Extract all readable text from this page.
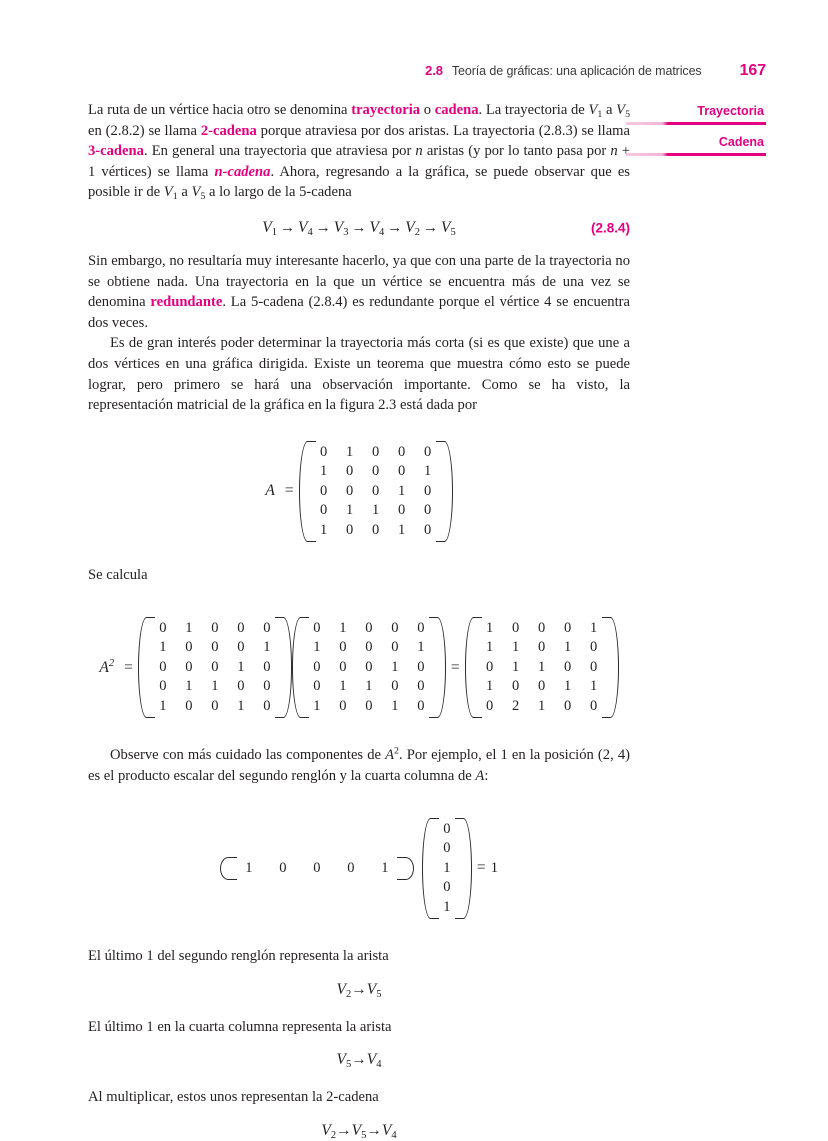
2.8 Teoría de gráficas: una aplicación de matrices 167
Trayectoria
Cadena

La ruta de un vértice hacia otro se denomina trayectoria o cadena. La trayectoria de $V_1$ a $V_5$ en (2.8.2) se llama 2-cadena porque atraviesa por dos aristas. La trayectoria (2.8.3) se llama 3-cadena. En general una trayectoria que atraviesa por n aristas (y por lo tanto pasa por n + 1 vértices) se llama n-cadena. Ahora, regresando a la gráfica, se puede observar que es posible ir de $V_1$ a $V_5$ a lo largo de la 5-cadena

$V_1 \to V_4 \to V_3 \to V_4 \to V_2 \to V_5$	(2.8.4)

Sin embargo, no resultaría muy interesante hacerlo, ya que con una parte de la trayectoria no se obtiene nada. Una trayectoria en la que un vértice se encuentra más de una vez se denomina redundante. La 5-cadena (2.8.4) es redundante porque el vértice 4 se encuentra dos veces.

Es de gran interés poder determinar la trayectoria más corta (si es que existe) que une a dos vértices en una gráfica dirigida. Existe un teorema que muestra cómo esto se puede lograr, pero primero se hará una observación importante. Como se ha visto, la representación matricial de la gráfica en la figura 2.3 está dada por

A =
0	1	0	0	0
1	0	0	0	1
0	0	0	1	0
0	1	1	0	0
1	0	0	1	0

Se calcula

$A^2$ =
0	1	0	0	0
1	0	0	0	1
0	0	0	1	0
0	1	1	0	0
1	0	0	1	0
0	1	0	0	0
1	0	0	0	1
0	0	0	1	0
0	1	1	0	0
1	0	0	1	0
=
1	0	0	0	1
1	1	0	1	0
0	1	1	0	0
1	0	0	1	1
0	2	1	0	0

Observe con más cuidado las componentes de $A^2$. Por ejemplo, el 1 en la posición (2, 4) es el producto escalar del segundo renglón y la cuarta columna de A:

1	0	0	0	1
0
0
1
0
1
= 1

El último 1 del segundo renglón representa la arista

$V_2\to V_5$

El último 1 en la cuarta columna representa la arista

$V_5\to V_4$

Al multiplicar, estos unos representan la 2-cadena

$V_2\to V_5\to V_4$
